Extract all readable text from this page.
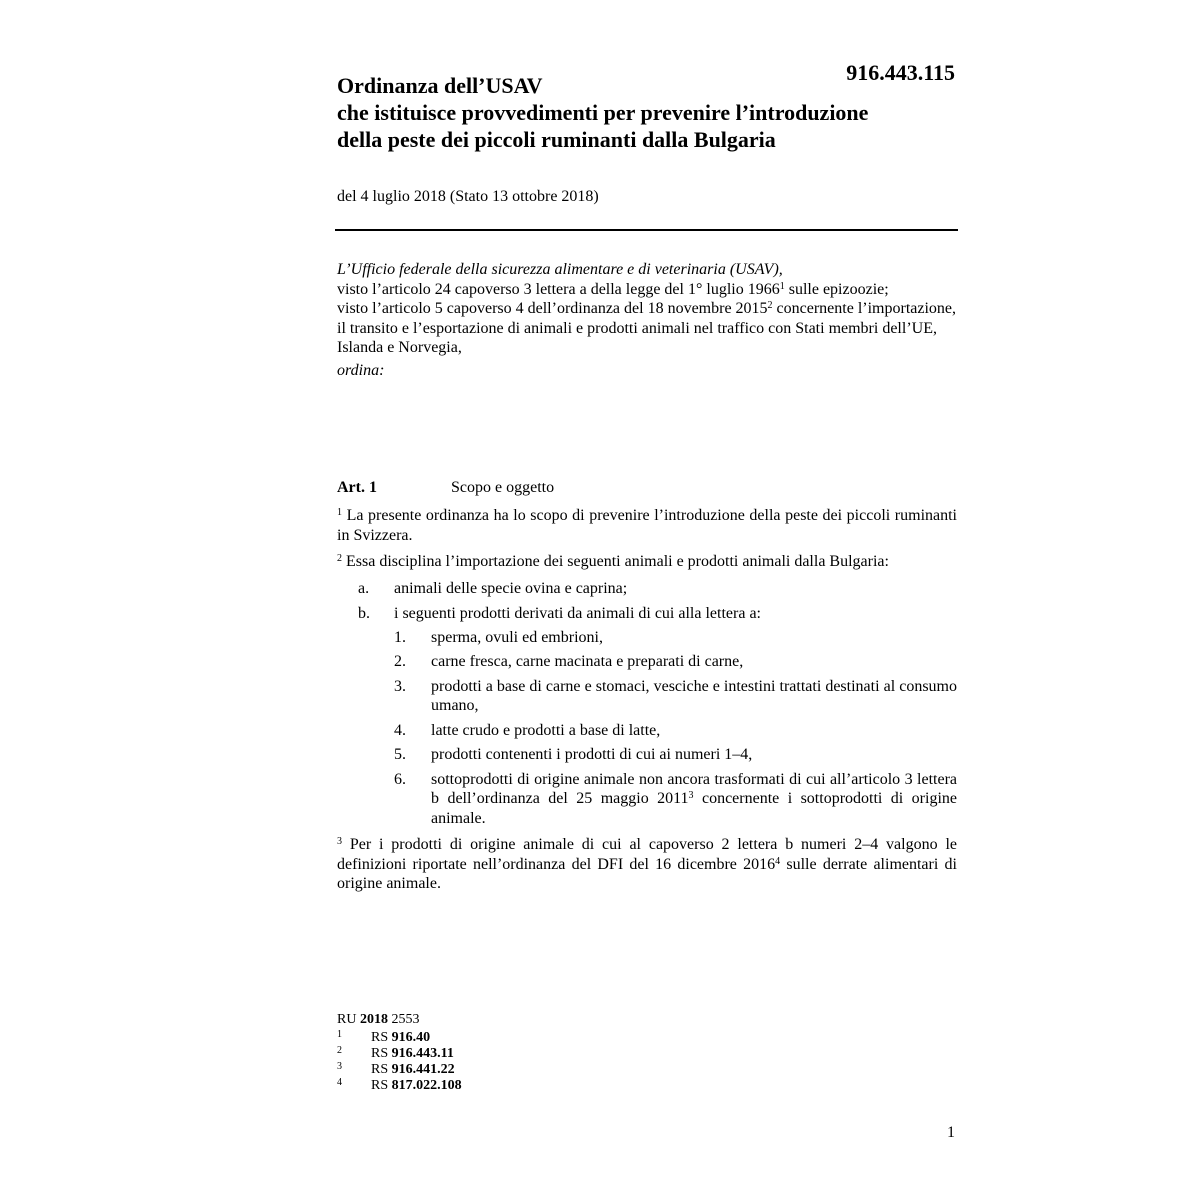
916.443.115
Ordinanza dell’USAV
che istituisce provvedimenti per prevenire l’introduzione
della peste dei piccoli ruminanti dalla Bulgaria
del 4 luglio 2018 (Stato 13 ottobre 2018)

L’Ufficio federale della sicurezza alimentare e di veterinaria (USAV),

visto l’articolo 24 capoverso 3 lettera a della legge del 1° luglio 1966$^1$ sulle epizoozie;

visto l’articolo 5 capoverso 4 dell’ordinanza del 18 novembre 2015$^2$ concernente l’importazione, il transito e l’esportazione di animali e prodotti animali nel traffico con Stati membri dell’UE, Islanda e Norvegia,

ordina:

Art. 1	Scopo e oggetto

$^1$ La presente ordinanza ha lo scopo di prevenire l’introduzione della peste dei piccoli ruminanti in Svizzera.

$^2$ Essa disciplina l’importazione dei seguenti animali e prodotti animali dalla Bulgaria:

a. animali delle specie ovina e caprina;
b. i seguenti prodotti derivati da animali di cui alla lettera a:
1. sperma, ovuli ed embrioni,
2. carne fresca, carne macinata e preparati di carne,
3. prodotti a base di carne e stomaci, vesciche e intestini trattati destinati al consumo umano,
4. latte crudo e prodotti a base di latte,
5. prodotti contenenti i prodotti di cui ai numeri 1–4,
6. sottoprodotti di origine animale non ancora trasformati di cui all’articolo 3 lettera b dell’ordinanza del 25 maggio 2011$^3$ concernente i sottoprodotti di origine animale.

$^3$ Per i prodotti di origine animale di cui al capoverso 2 lettera b numeri 2–4 valgono le definizioni riportate nell’ordinanza del DFI del 16 dicembre 2016$^4$ sulle derrate alimentari di origine animale.

RU 2018 2553
1 RS 916.40
2 RS 916.443.11
3 RS 916.441.22
4 RS 817.022.108
1
